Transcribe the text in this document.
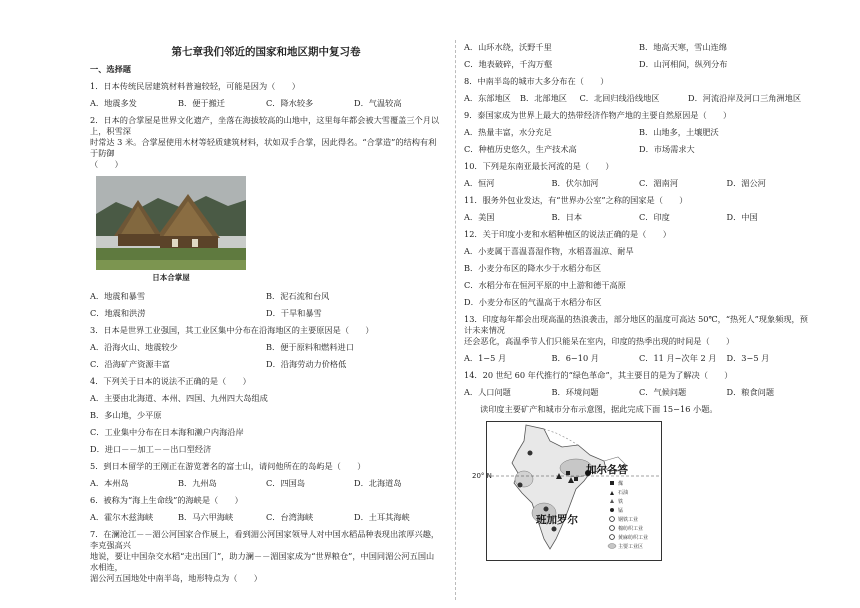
第七章我们邻近的国家和地区期中复习卷
一、选择题
1．日本传统民居建筑材料普遍较轻，可能是因为（　　）
A．地震多发	B．便于搬迁	C．降水较多	D．气温较高
2．日本的合掌屋是世界文化遗产，坐落在海拔较高的山地中，这里每年都会被大雪覆盖三个月以上，积雪深
时常达 3 米。合掌屋使用木材等轻质建筑材料，状如双手合掌，因此得名。“合掌造”的结构有利于防御
（　　）
日本合掌屋
A．地震和暴雪	B．泥石流和台风
C．地震和洪涝	D．干旱和暴雪
3．日本是世界工业强国，其工业区集中分布在沿海地区的主要原因是（　　）
A．沿海火山、地震较少	B．便于原料和燃料进口
C．沿海矿产资源丰富	D．沿海劳动力价格低
4．下列关于日本的说法不正确的是（　　）
A．主要由北海道、本州、四国、九州四大岛组成
B．多山地，少平原
C．工业集中分布在日本海和濑户内海沿岸
D．进口－－加工－－出口型经济
5．到日本留学的王刚正在游览著名的富士山，请问他所在的岛屿是（　　）
A．本州岛	B．九州岛	C．四国岛	D．北海道岛
6．被称为“海上生命线”的海峡是（　　）
A．霍尔木兹海峡	B．马六甲海峡	C．台湾海峡	D．土耳其海峡
7．在澜沧江－－湄公河国家合作展上，看到湄公河国家领导人对中国水稻品种表现出浓厚兴趣，李克强高兴
地说，要让中国杂交水稻“走出国门”，助力澜－－湄国家成为“世界粮仓”，中国同湄公河五国山水相连，
湄公河五国地处中南半岛，地形特点为（　　）
A．山环水绕，沃野千里	B．地高天寒，雪山连绵
C．地表破碎，千沟万壑	D．山河相间，纵列分布
8．中南半岛的城市大多分布在（　　）
A．东部地区	B．北部地区	C．北回归线沿线地区	D．河流沿岸及河口三角洲地区
9．泰国家成为世界上最大的热带经济作物产地的主要自然原因是（　　）
A．热量丰富，水分充足	B．山地多，土壤肥沃
C．种植历史悠久，生产技术高	D．市场需求大
10．下列是东南亚最长河流的是（　　）
A．恒河	B．伏尔加河	C．湄南河	D．湄公河
11．服务外包业发达，有“世界办公室”之称的国家是（　　）
A．美国	B．日本	C．印度	D．中国
12．关于印度小麦和水稻种植区的说法正确的是（　　）
A．小麦属于喜温喜湿作物，水稻喜温凉、耐旱
B．小麦分布区的降水少于水稻分布区
C．水稻分布在恒河平原的中上游和德干高原
D．小麦分布区的气温高于水稻分布区
13．印度每年都会出现高温的热浪袭击，部分地区的温度可高达 50℃，“热死人”现象频现，预计未来情况
还会恶化，高温季节人们只能呆在室内，印度的热季出现的时间是（　　）
A．1−5 月	B．6−10 月	C．11 月−次年 2 月	D．3−5 月
14．20 世纪 60 年代推行的“绿色革命”，其主要目的是为了解决（　　）
A．人口问题	B．环境问题	C．气候问题	D．粮食问题
读印度主要矿产和城市分布示意图，据此完成下面 15−16 小题。
20° N	加尔各答
班加罗尔
煤
石油
铁
锰
钢铁工业
棉纺织工业
黄麻纺织工业
主要工业区
